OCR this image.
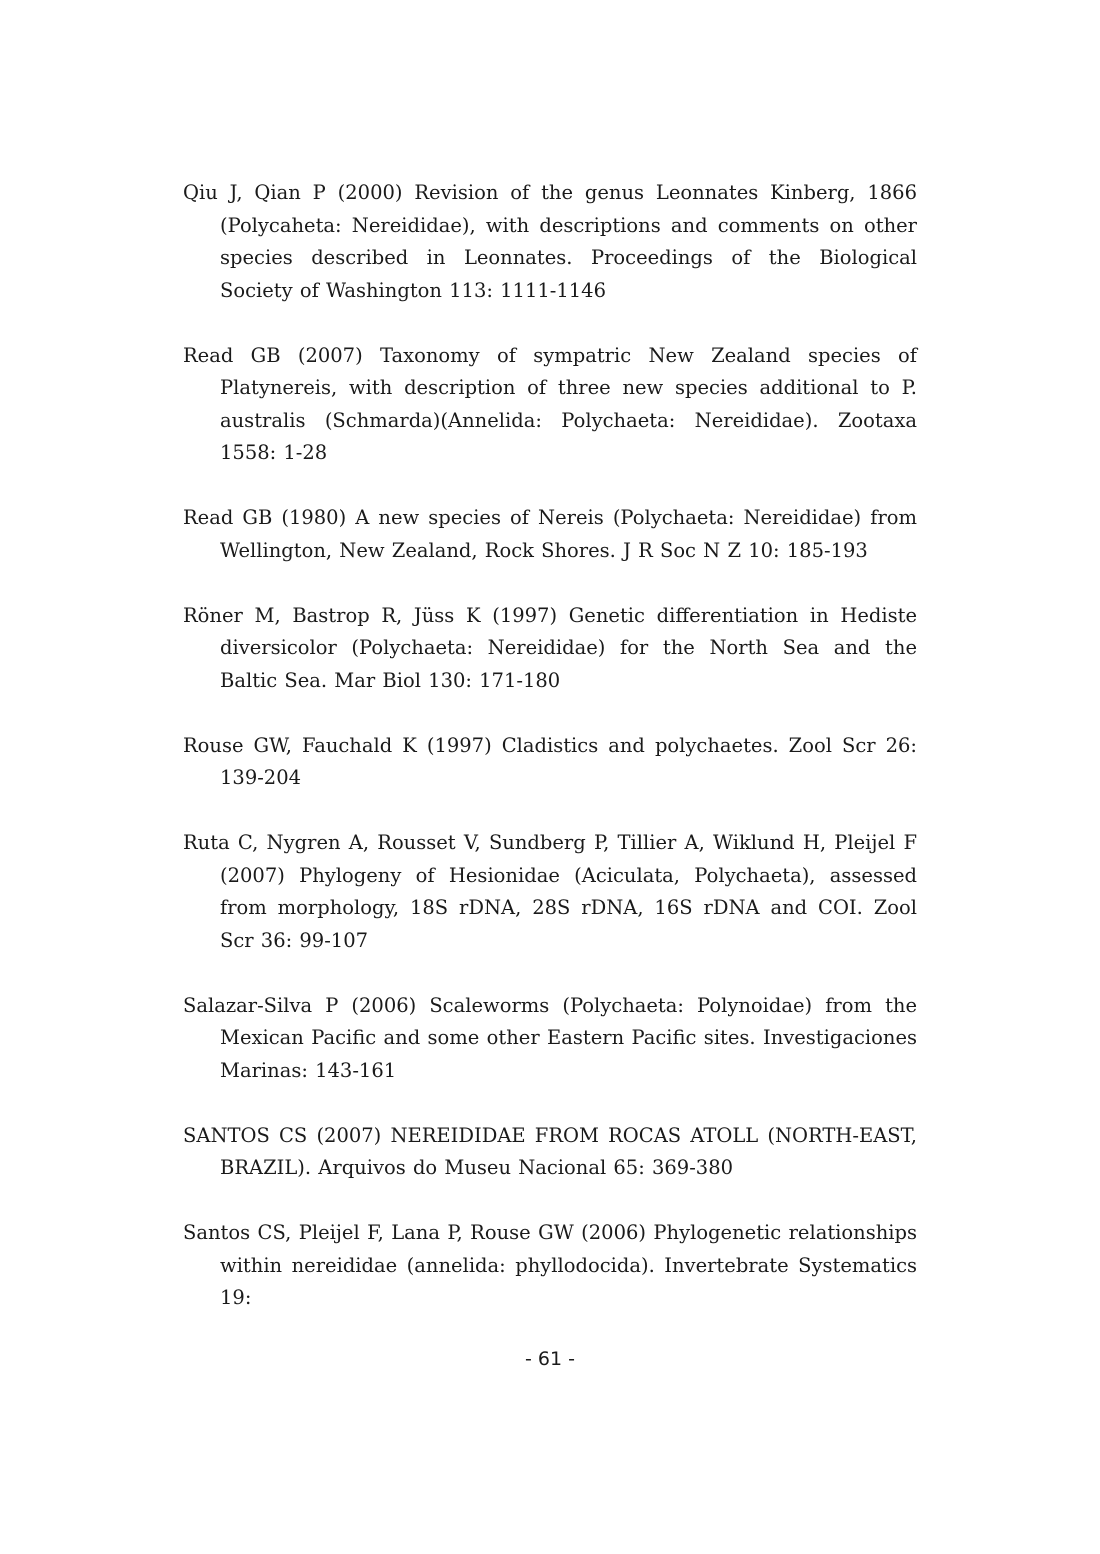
Qiu J, Qian P (2000) Revision of the genus Leonnates Kinberg, 1866 (Polycaheta: Nereididae), with descriptions and comments on other species described in Leonnates. Proceedings of the Biological Society of Washington 113: 1111-1146
Read GB (2007) Taxonomy of sympatric New Zealand species of Platynereis, with description of three new species additional to P. australis (Schmarda)(Annelida: Polychaeta: Nereididae). Zootaxa 1558: 1-28
Read GB (1980) A new species of Nereis (Polychaeta: Nereididae) from Wellington, New Zealand, Rock Shores. J R Soc N Z 10: 185-193
Röner M, Bastrop R, Jüss K (1997) Genetic differentiation in Hediste diversicolor (Polychaeta: Nereididae) for the North Sea and the Baltic Sea. Mar Biol 130: 171-180
Rouse GW, Fauchald K (1997) Cladistics and polychaetes. Zool Scr 26: 139-204
Ruta C, Nygren A, Rousset V, Sundberg P, Tillier A, Wiklund H, Pleijel F (2007) Phylogeny of Hesionidae (Aciculata, Polychaeta), assessed from morphology, 18S rDNA, 28S rDNA, 16S rDNA and COI. Zool Scr 36: 99-107
Salazar-Silva P (2006) Scaleworms (Polychaeta: Polynoidae) from the Mexican Pacific and some other Eastern Pacific sites. Investigaciones Marinas: 143-161
SANTOS CS (2007) NEREIDIDAE FROM ROCAS ATOLL (NORTH-EAST, BRAZIL). Arquivos do Museu Nacional 65: 369-380
Santos CS, Pleijel F, Lana P, Rouse GW (2006) Phylogenetic relationships within nereididae (annelida: phyllodocida). Invertebrate Systematics 19:
- 61 -
